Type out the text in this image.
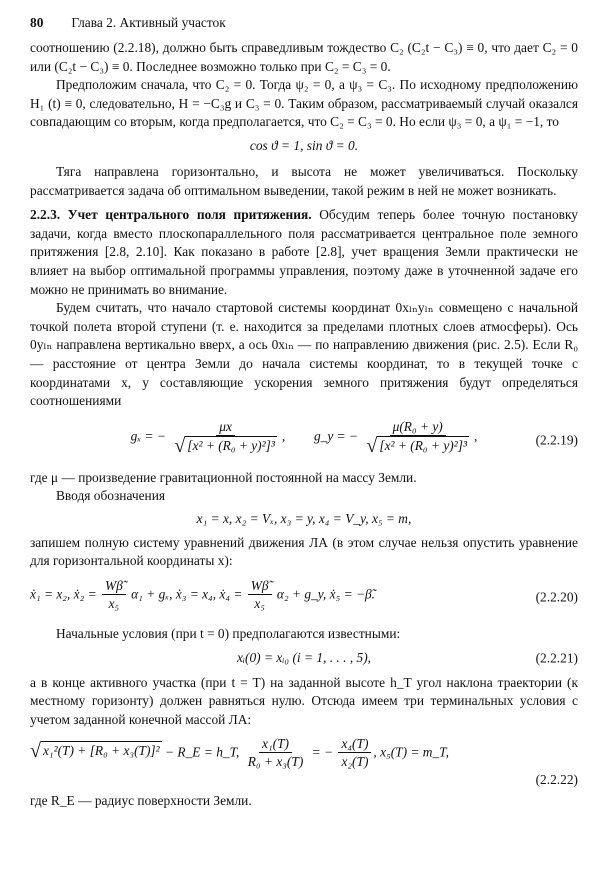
80 Глава 2. Активный участок

соотношению (2.2.18), должно быть справедливым тождество C₂ (C₂t − C₃) ≡ 0, что дает C₂ = 0 или (C₂t − C₃) ≡ 0. Последнее возможно только при C₂ = C₃ = 0.

Предположим сначала, что C₂ = 0. Тогда ψ₂ = 0, а ψ₃ = C₃. По исходному предположению H₁ (t) ≡ 0, следовательно, H = −C₃g и C₃ = 0. Таким образом, рассматриваемый случай оказался совпадающим со вторым, когда предполагается, что C₂ = C₃ = 0. Но если ψ₃ = 0, а ψ₁ = −1, то

cos ϑ = 1, sin ϑ = 0.

Тяга направлена горизонтально, и высота не может увеличиваться. Поскольку рассматривается задача об оптимальном выведении, такой режим в ней не может возникать.

2.2.3. Учет центрального поля притяжения. Обсудим теперь более точную постановку задачи, когда вместо плоскопараллельного поля рассматривается центральное поле земного притяжения [2.8, 2.10]. Как показано в работе [2.8], учет вращения Земли практически не влияет на выбор оптимальной программы управления, поэтому даже в уточненной задаче его можно не принимать во внимание.

Будем считать, что начало стартовой системы координат 0xₗₙyₗₙ совмещено с начальной точкой полета второй ступени (т. е. находится за пределами плотных слоев атмосферы). Ось 0yₗₙ направлена вертикально вверх, а ось 0xₗₙ — по направлению движения (рис. 2.5). Если R₀ — расстояние от центра Земли до начала системы координат, то в текущей точке с координатами x, y составляющие ускорения земного притяжения будут определяться соотношениями

gₓ = − $\frac{\mu x}{\text{√ [x² + (R₀ + y)²]³}}$ ,  g_y = − $\frac{\text{μ(R₀ + y)}}{\text{√ [x² + (R₀ + y)²]³}}$ ,	(2.2.19)

где μ — произведение гравитационной постоянной на массу Земли.

Вводя обозначения

x₁ = x, x₂ = Vₓ, x₃ = y, x₄ = V_y, x₅ = m,

запишем полную систему уравнений движения ЛА (в этом случае нельзя опустить уравнение для горизонтальной координаты x):

ẋ₁ = x₂, ẋ₂ = $\frac{W\betã}{\text{x₅}} \alpha_1 + g_x$, ẋ₃ = x₄, ẋ₄ = $\frac{W\betã}{\text{x₅}} \alpha_2$ + g_y, ẋ₅ = −β̃.	(2.2.20)

Начальные условия (при t = 0) предполагаются известными:

xᵢ(0) = xᵢ₀ (i = 1, . . . , 5),	(2.2.21)

а в конце активного участка (при t = T) на заданной высоте h_T угол наклона траектории (к местному горизонту) должен равняться нулю. Отсюда имеем три терминальных условия с учетом заданной конечной массой ЛА:

√ x₁²(T) + [R₀ + x₃(T)]² − R_E = h_T, $\frac{\text{x₁(T)}}{\text{R₀ + x₃(T)}}$ = − $\frac{\text{x₄(T)}}{\text{x₂(T)}}$ , x₅(T) = m_T,
(2.2.22)

где R_E — радиус поверхности Земли.
